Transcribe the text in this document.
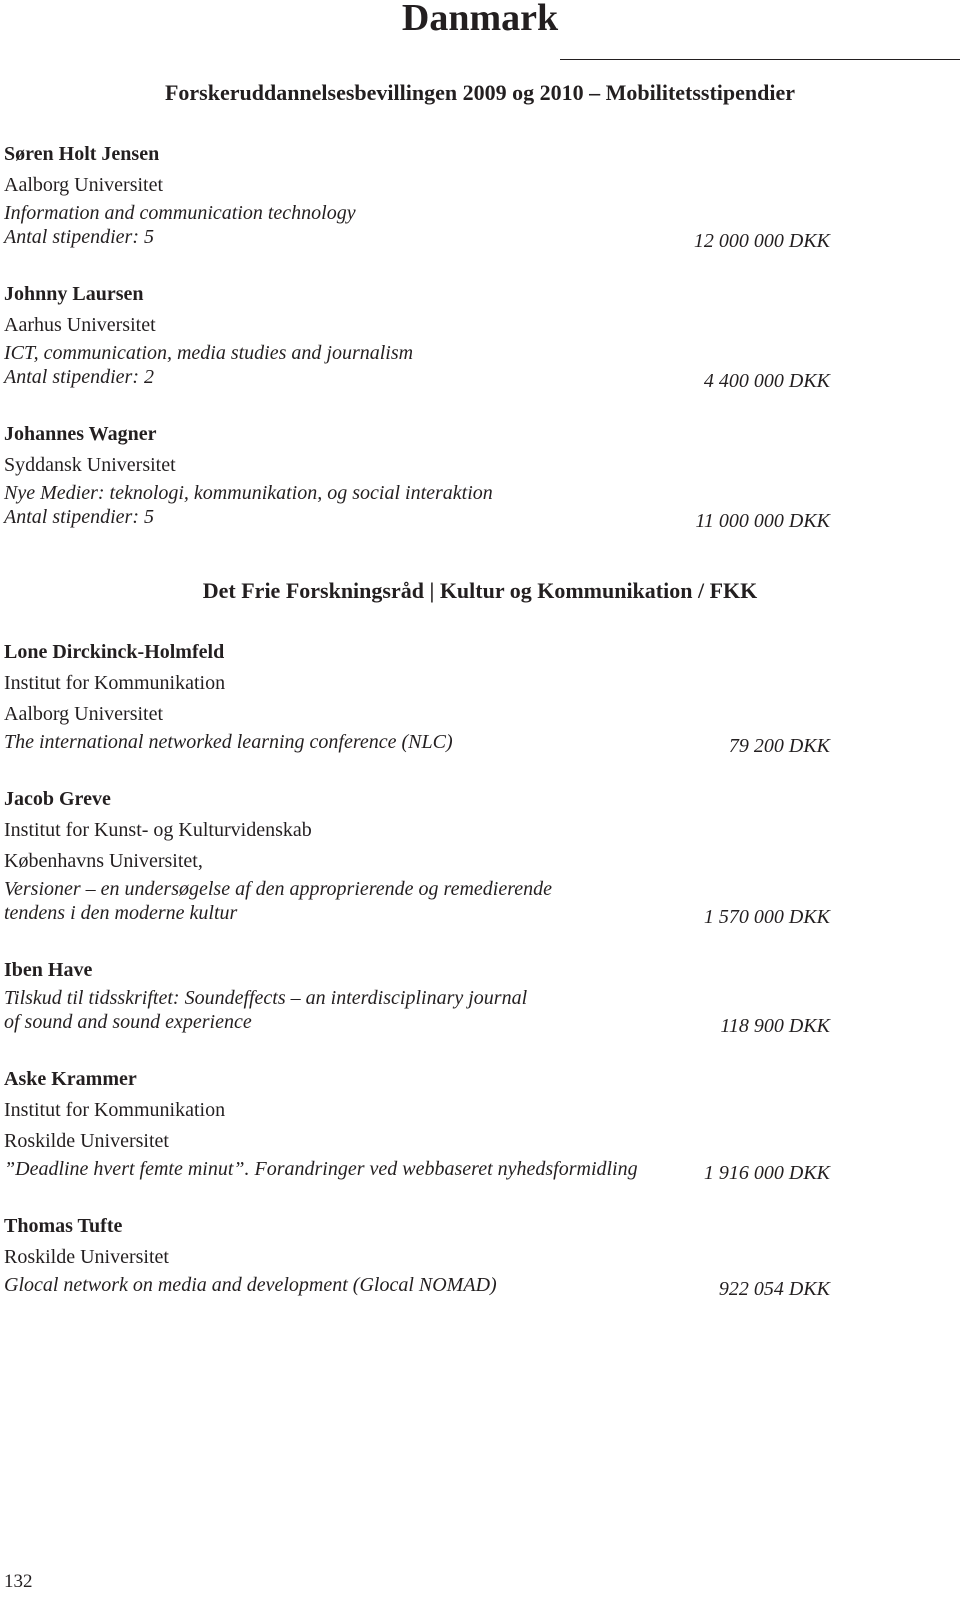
Danmark
Forskeruddannelsesbevillingen 2009 og 2010 – Mobilitetsstipendier
Søren Holt Jensen
Aalborg Universitet
Information and communication technology
Antal stipendier: 5	12 000 000 DKK
Johnny Laursen
Aarhus Universitet
ICT, communication, media studies and journalism
Antal stipendier: 2	4 400 000 DKK
Johannes Wagner
Syddansk Universitet
Nye Medier: teknologi, kommunikation, og social interaktion
Antal stipendier: 5	11 000 000 DKK
Det Frie Forskningsråd | Kultur og Kommunikation / FKK
Lone Dirckinck-Holmfeld
Institut for Kommunikation
Aalborg Universitet
The international networked learning conference (NLC)	79 200 DKK
Jacob Greve
Institut for Kunst- og Kulturvidenskab
Københavns Universitet,
Versioner – en undersøgelse af den approprierende og remedierende
tendens i den moderne kultur	1 570 000 DKK
Iben Have
Tilskud til tidsskriftet: Soundeffects – an interdisciplinary journal
of sound and sound experience	118 900 DKK
Aske Krammer
Institut for Kommunikation
Roskilde Universitet
”Deadline hvert femte minut”. Forandringer ved webbaseret nyhedsformidling	1 916 000 DKK
Thomas Tufte
Roskilde Universitet
Glocal network on media and development (Glocal NOMAD)	922 054 DKK
132
